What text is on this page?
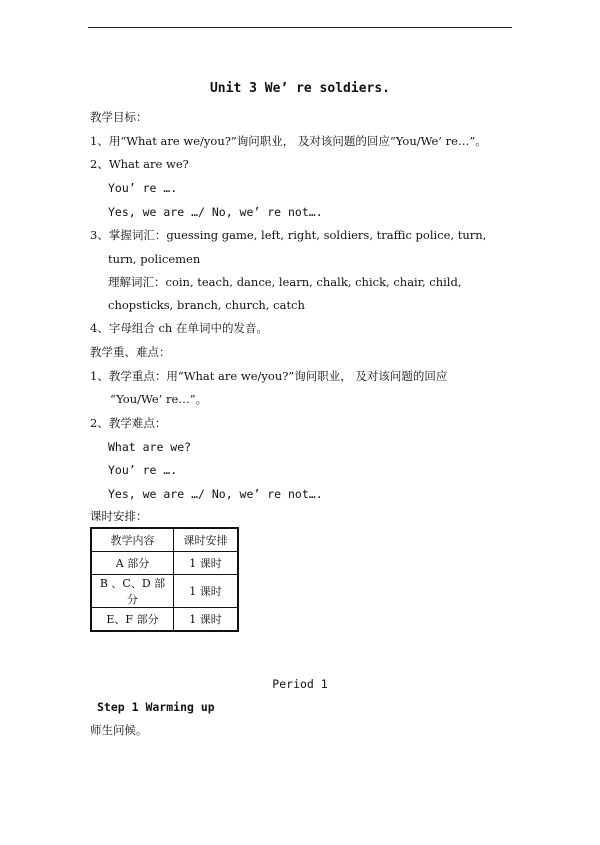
Unit 3 We’ re soldiers.
教学目标：
1、用“What are we/you?”询问职业， 及对该问题的回应“You/We’ re…”。
2、What are we?
You’ re ….
Yes, we are …/ No, we’ re not….
3、掌握词汇：guessing game, left, right, soldiers, traffic police, turn,
turn, policemen
理解词汇：coin, teach, dance, learn, chalk, chick, chair, child,
chopsticks, branch, church, catch
4、字母组合 ch 在单词中的发音。
教学重、难点：
1、教学重点：用“What are we/you?”询问职业， 及对该问题的回应
“You/We’ re…”。
2、教学难点：
What are we?
You’ re ….
Yes, we are …/ No, we’ re not….
课时安排：
教学内容	课时安排
A 部分	1 课时
B 、C、D 部分	1 课时
E、F 部分	1 课时
Period 1
Step 1 Warming up
师生问候。
